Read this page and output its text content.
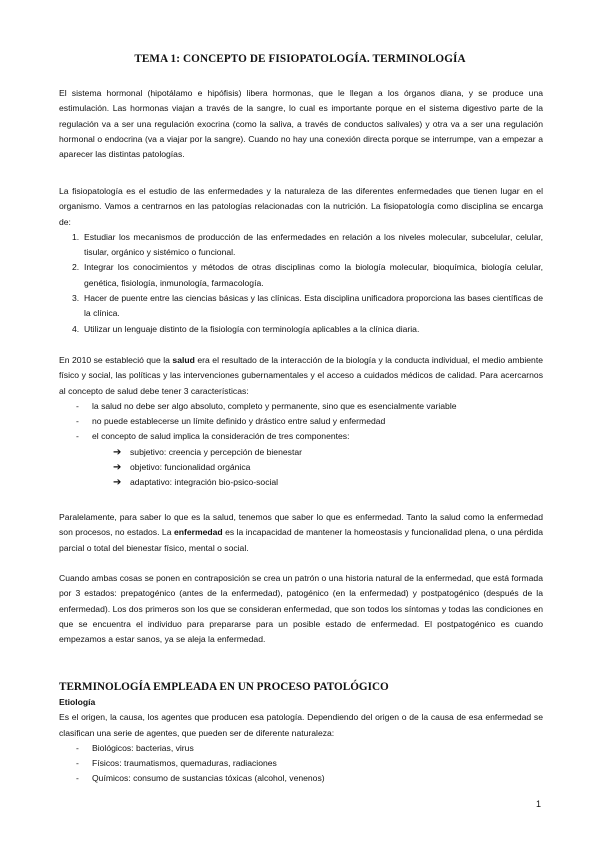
TEMA 1: CONCEPTO DE FISIOPATOLOGÍA. TERMINOLOGÍA

El sistema hormonal (hipotálamo e hipófisis) libera hormonas, que le llegan a los órganos diana, y se produce una estimulación. Las hormonas viajan a través de la sangre, lo cual es importante porque en el sistema digestivo parte de la regulación va a ser una regulación exocrina (como la saliva, a través de conductos salivales) y otra va a ser una regulación hormonal o endocrina (va a viajar por la sangre). Cuando no hay una conexión directa porque se interrumpe, van a empezar a aparecer las distintas patologías.

La fisiopatología es el estudio de las enfermedades y la naturaleza de las diferentes enfermedades que tienen lugar en el organismo. Vamos a centrarnos en las patologías relacionadas con la nutrición. La fisiopatología como disciplina se encarga de:

1. Estudiar los mecanismos de producción de las enfermedades en relación a los niveles molecular, subcelular, celular, tisular, orgánico y sistémico o funcional.
2. Integrar los conocimientos y métodos de otras disciplinas como la biología molecular, bioquímica, biología celular, genética, fisiología, inmunología, farmacología.
3. Hacer de puente entre las ciencias básicas y las clínicas. Esta disciplina unificadora proporciona las bases científicas de la clínica.
4. Utilizar un lenguaje distinto de la fisiología con terminología aplicables a la clínica diaria.

En 2010 se estableció que la salud era el resultado de la interacción de la biología y la conducta individual, el medio ambiente físico y social, las políticas y las intervenciones gubernamentales y el acceso a cuidados médicos de calidad. Para acercarnos al concepto de salud debe tener 3 características:

- la salud no debe ser algo absoluto, completo y permanente, sino que es esencialmente variable
- no puede establecerse un límite definido y drástico entre salud y enfermedad
- el concepto de salud implica la consideración de tres componentes:
➔ subjetivo: creencia y percepción de bienestar
➔ objetivo: funcionalidad orgánica
➔ adaptativo: integración bio-psico-social

Paralelamente, para saber lo que es la salud, tenemos que saber lo que es enfermedad. Tanto la salud como la enfermedad son procesos, no estados. La enfermedad es la incapacidad de mantener la homeostasis y funcionalidad plena, o una pérdida parcial o total del bienestar físico, mental o social.

Cuando ambas cosas se ponen en contraposición se crea un patrón o una historia natural de la enfermedad, que está formada por 3 estados: prepatogénico (antes de la enfermedad), patogénico (en la enfermedad) y postpatogénico (después de la enfermedad). Los dos primeros son los que se consideran enfermedad, que son todos los síntomas y todas las condiciones en que se encuentra el individuo para prepararse para un posible estado de enfermedad. El postpatogénico es cuando empezamos a estar sanos, ya se aleja la enfermedad.

TERMINOLOGÍA EMPLEADA EN UN PROCESO PATOLÓGICO
Etiología

Es el origen, la causa, los agentes que producen esa patología. Dependiendo del origen o de la causa de esa enfermedad se clasifican una serie de agentes, que pueden ser de diferente naturaleza:

- Biológicos: bacterias, virus
- Físicos: traumatismos, quemaduras, radiaciones
- Químicos: consumo de sustancias tóxicas (alcohol, venenos)
1
